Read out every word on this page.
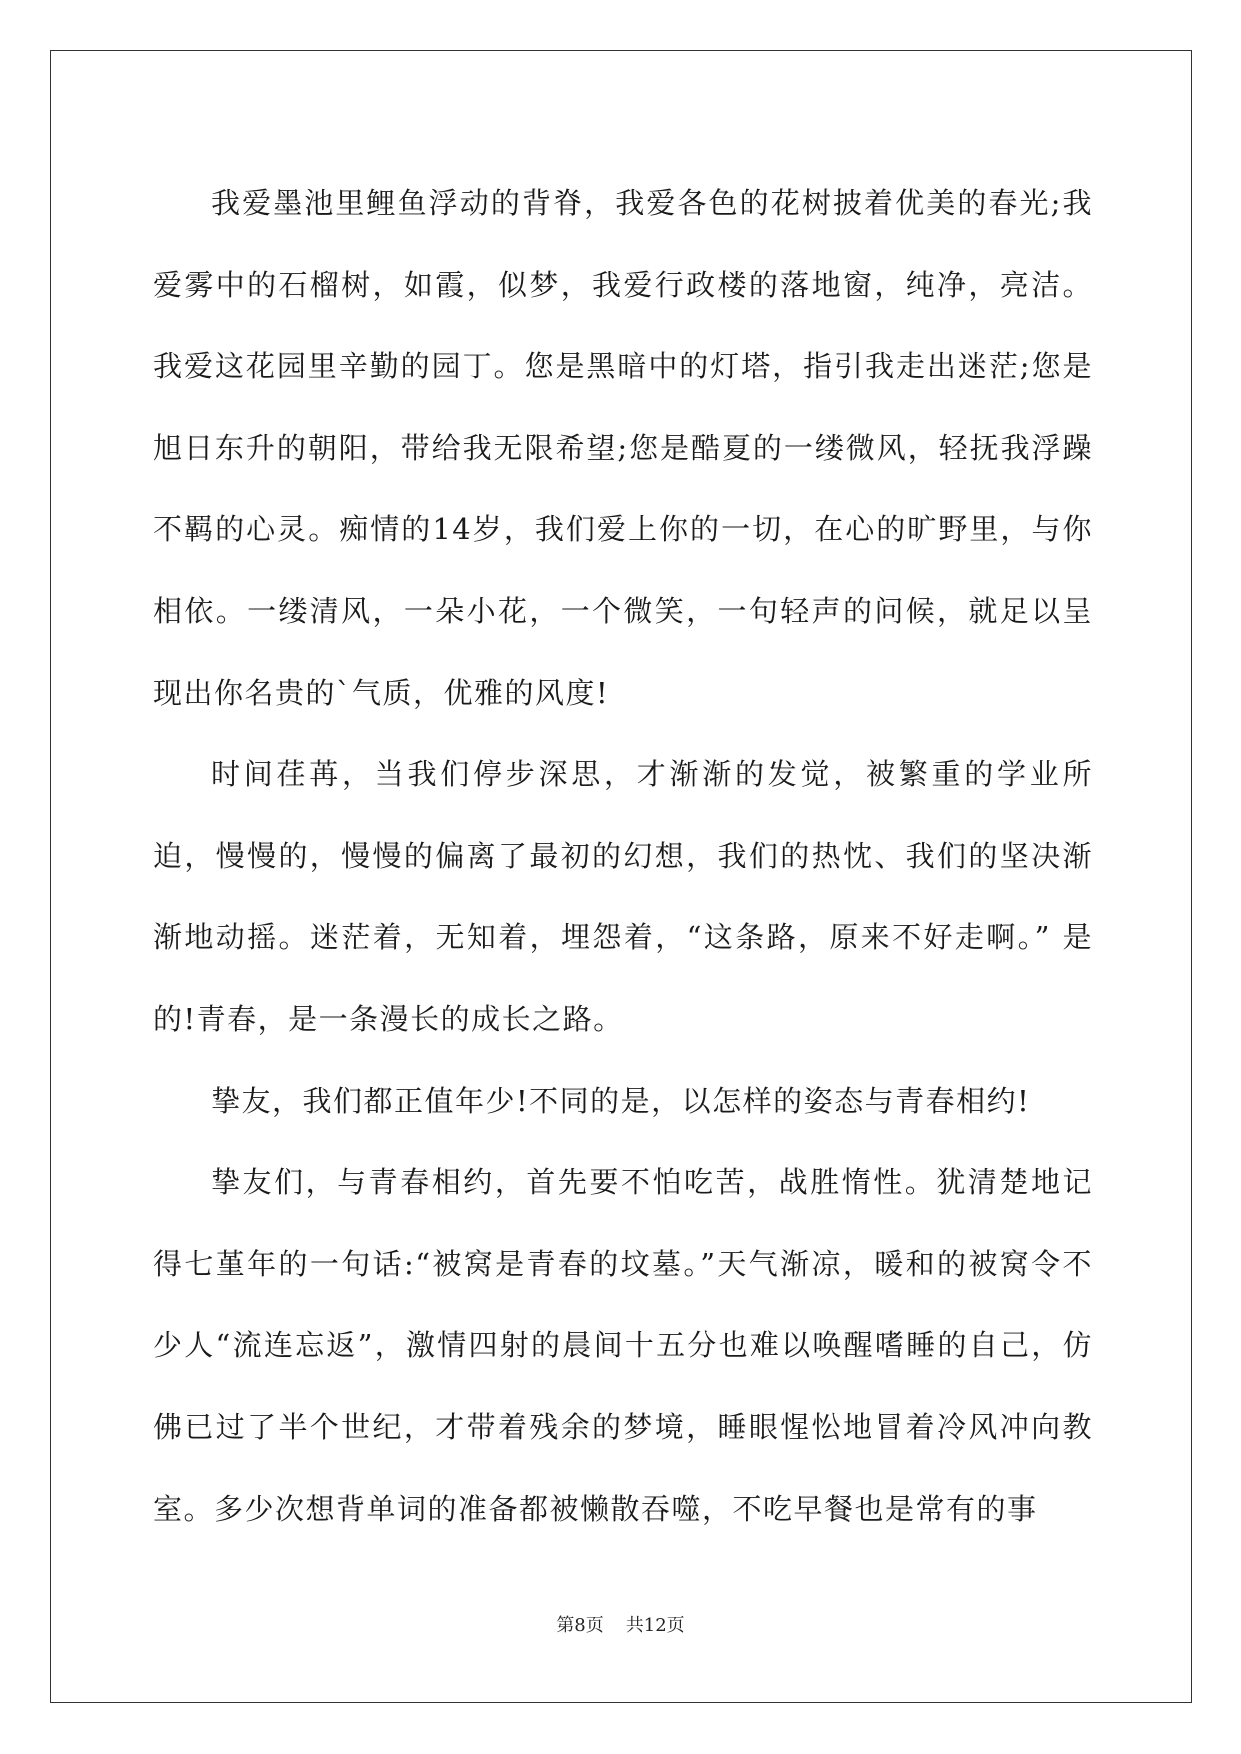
我爱墨池里鲤鱼浮动的背脊，我爱各色的花树披着优美的春光;我爱雾中的石榴树，如霞，似梦，我爱行政楼的落地窗，纯净，亮洁。我爱这花园里辛勤的园丁。您是黑暗中的灯塔，指引我走出迷茫;您是旭日东升的朝阳，带给我无限希望;您是酷夏的一缕微风，轻抚我浮躁不羁的心灵。痴情的14岁，我们爱上你的一切，在心的旷野里，与你相依。一缕清风，一朵小花，一个微笑，一句轻声的问候，就足以呈现出你名贵的`气质，优雅的风度!

时间荏苒，当我们停步深思，才渐渐的发觉，被繁重的学业所迫，慢慢的，慢慢的偏离了最初的幻想，我们的热忱、我们的坚决渐渐地动摇。迷茫着，无知着，埋怨着，“这条路，原来不好走啊。” 是的!青春，是一条漫长的成长之路。

挚友，我们都正值年少!不同的是，以怎样的姿态与青春相约!

挚友们，与青春相约，首先要不怕吃苦，战胜惰性。犹清楚地记得七堇年的一句话:“被窝是青春的坟墓。”天气渐凉，暖和的被窝令不少人“流连忘返”，激情四射的晨间十五分也难以唤醒嗜睡的自己，仿佛已过了半个世纪，才带着残余的梦境，睡眼惺忪地冒着冷风冲向教室。多少次想背单词的准备都被懒散吞噬，不吃早餐也是常有的事

第8页 共12页
